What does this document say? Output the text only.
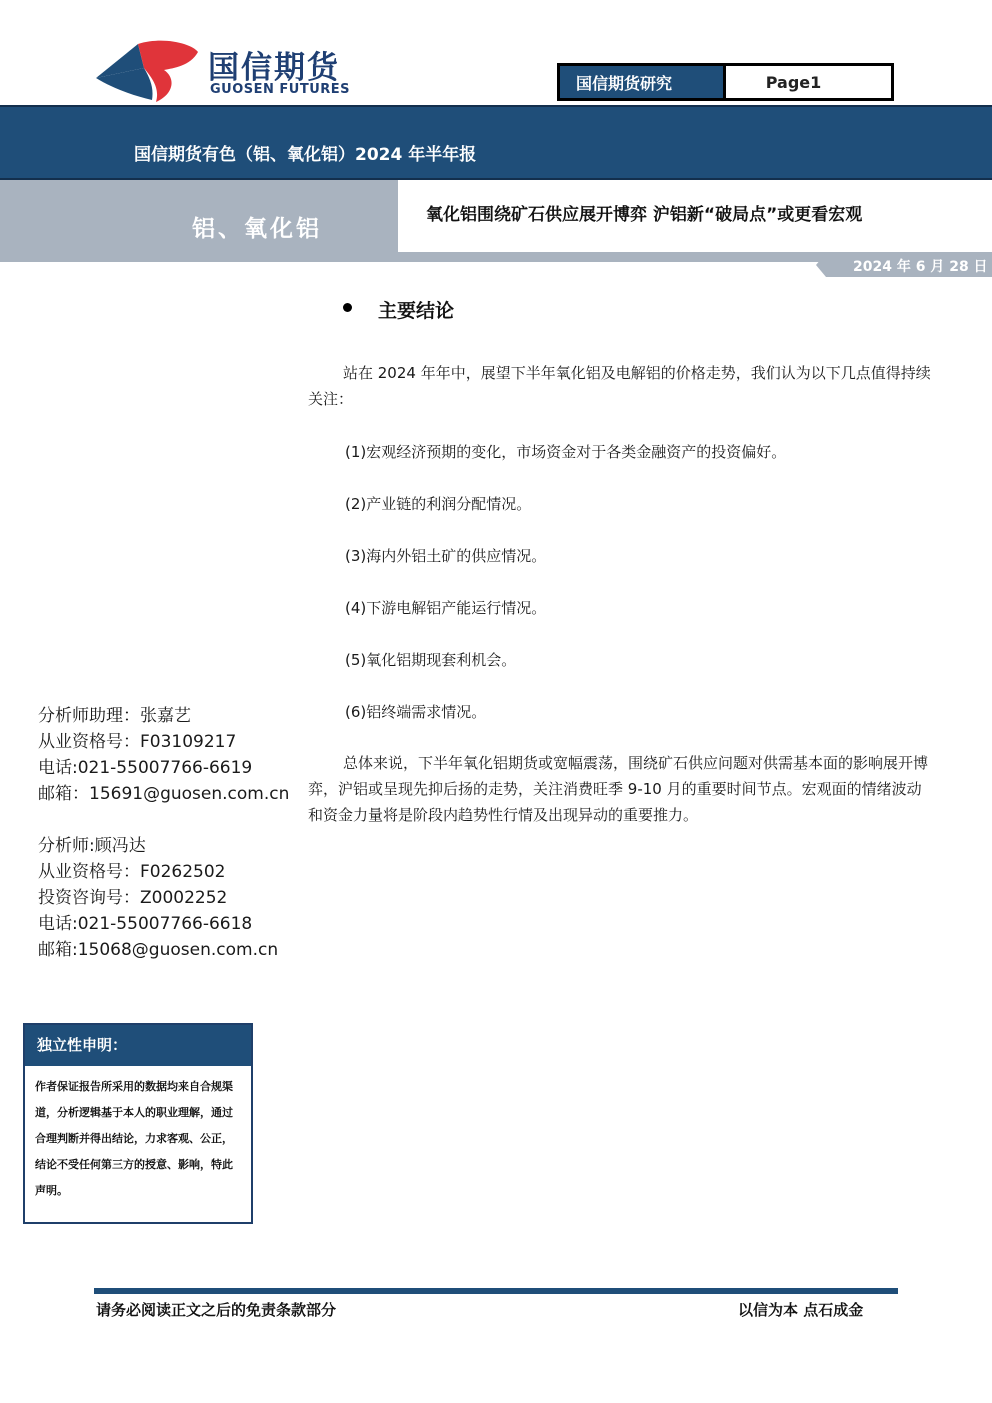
国信期货
GUOSEN FUTURES	国信期货研究	Page1
国信期货有色（铝、氧化铝）2024 年半年报
铝、氧化铝
氧化铝围绕矿石供应展开博弈 沪铝新“破局点”或更看宏观
2024 年 6 月 28 日
主要结论
站在 2024 年年中，展望下半年氧化铝及电解铝的价格走势，我们认为以下几点值得持续关注：
(1)宏观经济预期的变化，市场资金对于各类金融资产的投资偏好。
(2)产业链的利润分配情况。
(3)海内外铝土矿的供应情况。
(4)下游电解铝产能运行情况。
(5)氧化铝期现套利机会。
(6)铝终端需求情况。
总体来说，下半年氧化铝期货或宽幅震荡，围绕矿石供应问题对供需基本面的影响展开博弈，沪铝或呈现先抑后扬的走势，关注消费旺季 9-10 月的重要时间节点。宏观面的情绪波动和资金力量将是阶段内趋势性行情及出现异动的重要推力。
分析师助理：张嘉艺
从业资格号：F03109217
电话:021-55007766-6619
邮箱：15691@guosen.com.cn
分析师:顾冯达
从业资格号：F0262502
投资咨询号：Z0002252
电话:021-55007766-6618
邮箱:15068@guosen.com.cn
独立性申明：
作者保证报告所采用的数据均来自合规渠道，分析逻辑基于本人的职业理解，通过合理判断并得出结论，力求客观、公正，结论不受任何第三方的授意、影响，特此声明。
请务必阅读正文之后的免责条款部分	以信为本 点石成金
